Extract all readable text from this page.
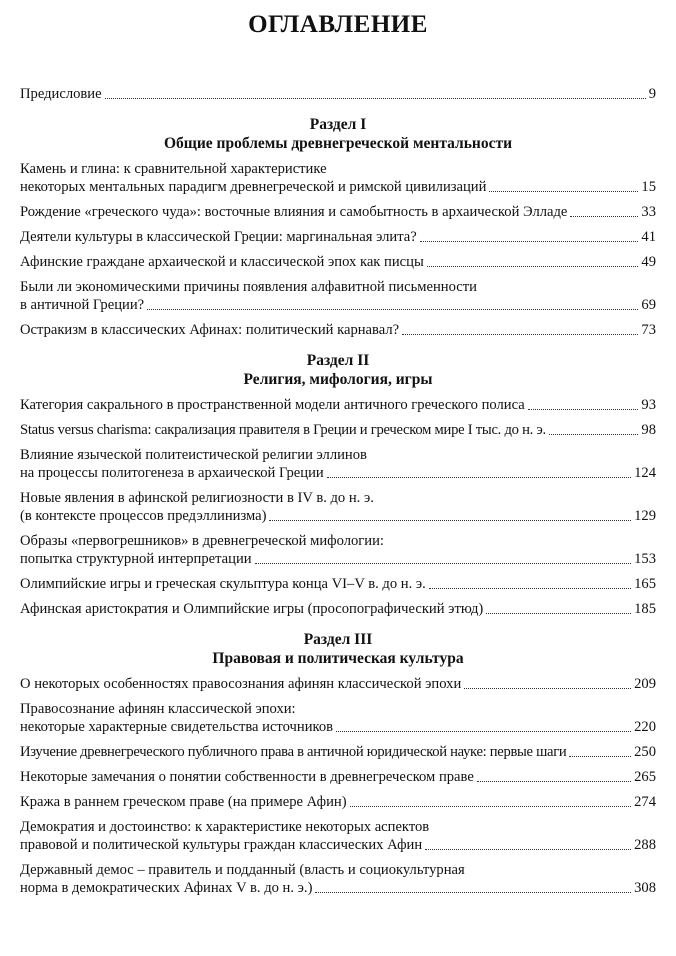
ОГЛАВЛЕНИЕ
Предисловие	9
Раздел I
Общие проблемы древнегреческой ментальности
Камень и глина: к сравнительной характеристике
некоторых ментальных парадигм древнегреческой и римской цивилизаций	15
Рождение «греческого чуда»: восточные влияния и самобытность в архаической Элладе	33
Деятели культуры в классической Греции: маргинальная элита?	41
Афинские граждане архаической и классической эпох как писцы	49
Были ли экономическими причины появления алфавитной письменности
в античной Греции?	69
Остракизм в классических Афинах: политический карнавал?	73
Раздел II
Религия, мифология, игры
Категория сакрального в пространственной модели античного греческого полиса	93
Status versus charisma: сакрализация правителя в Греции и греческом мире I тыс. до н. э.	98
Влияние языческой политеистической религии эллинов
на процессы политогенеза в архаической Греции	124
Новые явления в афинской религиозности в IV в. до н. э.
(в контексте процессов предэллинизма)	129
Образы «первогрешников» в древнегреческой мифологии:
попытка структурной интерпретации	153
Олимпийские игры и греческая скульптура конца VI–V в. до н. э.	165
Афинская аристократия и Олимпийские игры (просопографический этюд)	185
Раздел III
Правовая и политическая культура
О некоторых особенностях правосознания афинян классической эпохи	209
Правосознание афинян классической эпохи:
некоторые характерные свидетельства источников	220
Изучение древнегреческого публичного права в античной юридической науке: первые шаги	250
Некоторые замечания о понятии собственности в древнегреческом праве	265
Кража в раннем греческом праве (на примере Афин)	274
Демократия и достоинство: к характеристике некоторых аспектов
правовой и политической культуры граждан классических Афин	288
Державный демос – правитель и подданный (власть и социокультурная
норма в демократических Афинах V в. до н. э.)	308
